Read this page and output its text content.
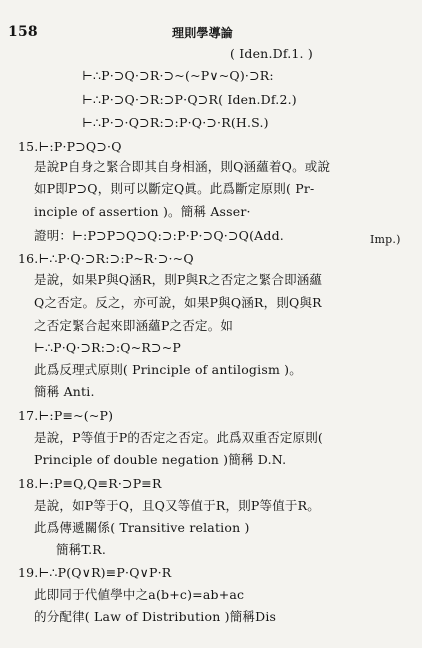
158	理則學導論
( Iden.Df.1. )
⊢∴P·⊃Q·⊃R·⊃~(~P∨~Q)·⊃R:
⊢∴P·⊃Q·⊃R:⊃P·Q⊃R( Iden.Df.2.)
⊢∴P·⊃·Q⊃R:⊃:P·Q·⊃·R(H.S.)
15.⊢:P·P⊃Q⊃·Q
是說P自身之緊合即其自身相涵，則Q涵蘊着Q。或說
如P即P⊃Q，則可以斷定Q眞。此爲斷定原則( Pr-
inciple of assertion )。簡稱 Asser·
證明：⊢:P⊃P⊃Q⊃Q:⊃:P·P·⊃Q·⊃Q(Add.	Imp.)
16.⊢∴P·Q·⊃R:⊃:P~R·⊃·~Q
是說，如果P與Q涵R，則P與R之否定之緊合即涵蘊
Q之否定。反之，亦可說，如果P與Q涵R，則Q與R
之否定緊合起來即涵蘊P之否定。如
⊢∴P·Q·⊃R:⊃:Q~R⊃~P
此爲反理式原則( Principle of antilogism )。
簡稱 Anti.
17.⊢:P≡~(~P)
是說，P等值于P的否定之否定。此爲双重否定原則(
Principle of double negation )簡稱 D.N.
18.⊢:P≡Q,Q≡R·⊃P≡R
是說，如P等于Q，且Q又等值于R，則P等值于R。
此爲傳遞關係( Transitive relation )
簡稱T.R.
19.⊢∴P(Q∨R)≡P·Q∨P·R
此即同于代値學中之a(b+c)=ab+ac
的分配律( Law of Distribution )簡稱Dis
